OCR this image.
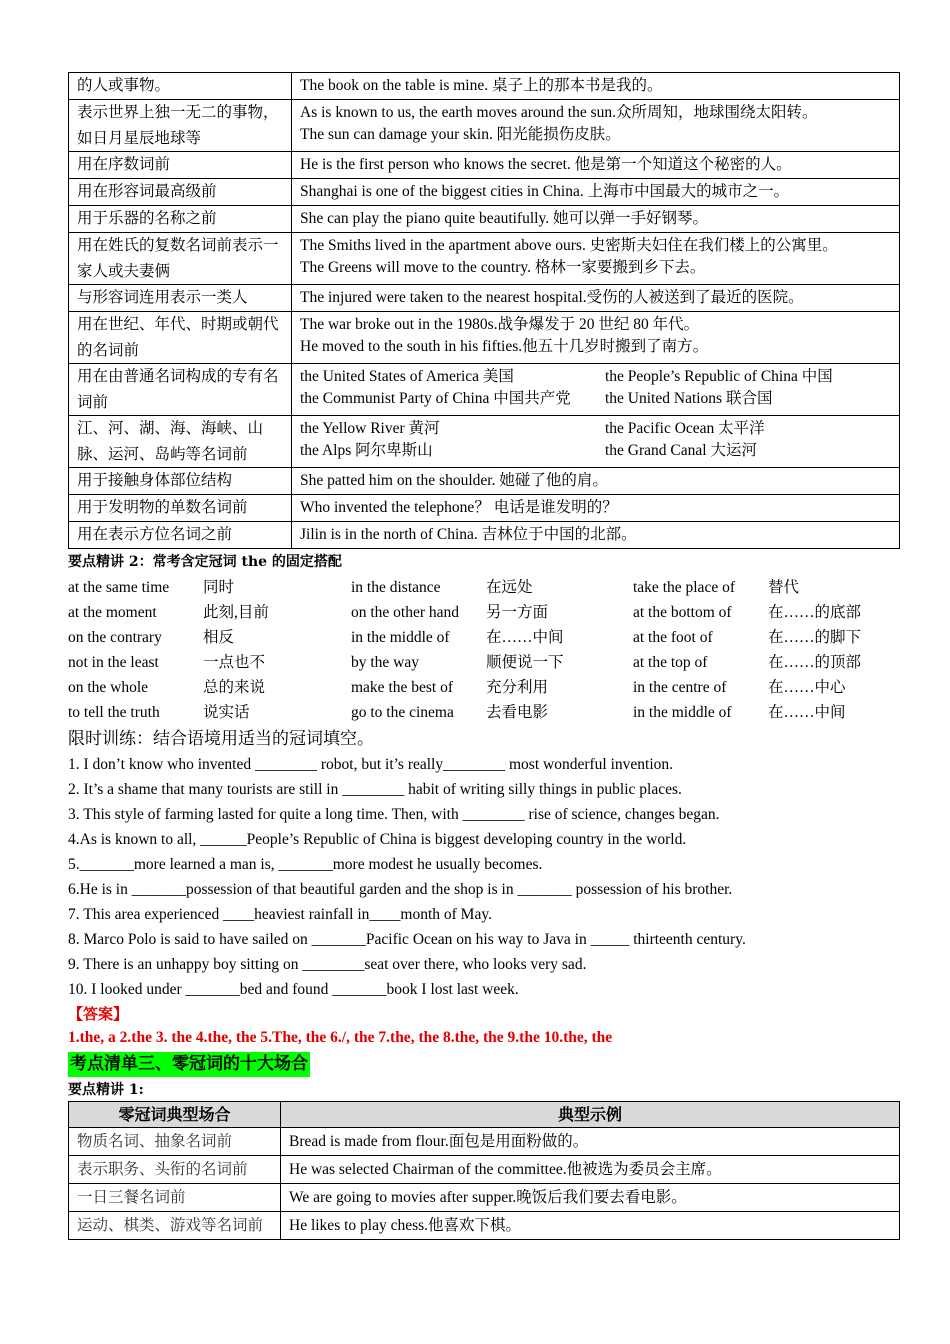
的人或事物。	The book on the table is mine. 桌子上的那本书是我的。

表示世界上独一无二的事物，如日月星辰地球等	As is known to us, the earth moves around the sun.众所周知，地球围绕太阳转。
The sun can damage your skin. 阳光能损伤皮肤。

用在序数词前	He is the first person who knows the secret. 他是第一个知道这个秘密的人。

用在形容词最高级前	Shanghai is one of the biggest cities in China. 上海市中国最大的城市之一。

用于乐器的名称之前	She can play the piano quite beautifully. 她可以弹一手好钢琴。

用在姓氏的复数名词前表示一家人或夫妻俩	The Smiths lived in the apartment above ours. 史密斯夫妇住在我们楼上的公寓里。
The Greens will move to the country. 格林一家要搬到乡下去。

与形容词连用表示一类人	The injured were taken to the nearest hospital.受伤的人被送到了最近的医院。

用在世纪、年代、时期或朝代的名词前	The war broke out in the 1980s.战争爆发于 20 世纪 80 年代。
He moved to the south in his fifties.他五十几岁时搬到了南方。

用在由普通名词构成的专有名词前	the United States of America 美国 the People’s Republic of China 中国
the Communist Party of China 中国共产党 the United Nations 联合国

江、河、湖、海、海峡、山脉、运河、岛屿等名词前	the Yellow River 黄河 the Pacific Ocean 太平洋
the Alps 阿尔卑斯山 the Grand Canal 大运河

用于接触身体部位结构	She patted him on the shoulder. 她碰了他的肩。

用于发明物的单数名词前	Who invented the telephone？ 电话是谁发明的？

用在表示方位名词之前	Jilin is in the north of China. 吉林位于中国的北部。
要点精讲 2：常考含定冠词 the 的固定搭配
at the same time	同时	in the distance	在远处	take the place of	替代
at the moment	此刻,目前	on the other hand	另一方面	at the bottom of	在……的底部
on the contrary	相反	in the middle of	在……中间	at the foot of	在……的脚下
not in the least	一点也不	by the way	顺便说一下	at the top of	在……的顶部
on the whole	总的来说	make the best of	充分利用	in the centre of	在……中心
to tell the truth	说实话	go to the cinema	去看电影	in the middle of	在……中间
限时训练：结合语境用适当的冠词填空。
1. I don’t know who invented ________ robot, but it’s really________ most wonderful invention.
2. It’s a shame that many tourists are still in ________ habit of writing silly things in public places.
3. This style of farming lasted for quite a long time. Then, with ________ rise of science, changes began.
4.As is known to all, ______People’s Republic of China is biggest developing country in the world.
5._______more learned a man is, _______more modest he usually becomes.
6.He is in _______possession of that beautiful garden and the shop is in _______ possession of his brother.
7. This area experienced ____heaviest rainfall in____month of May.
8. Marco Polo is said to have sailed on _______Pacific Ocean on his way to Java in _____ thirteenth century.
9. There is an unhappy boy sitting on ________seat over there, who looks very sad.
10. I looked under _______bed and found _______book I lost last week.
【答案】
1.the, a 2.the 3. the 4.the, the 5.The, the 6./, the 7.the, the 8.the, the 9.the 10.the, the
考点清单三、零冠词的十大场合
要点精讲 1:
零冠词典型场合	典型示例
物质名词、抽象名词前	Bread is made from flour.面包是用面粉做的。
表示职务、头衔的名词前	He was selected Chairman of the committee.他被选为委员会主席。
一日三餐名词前	We are going to movies after supper.晚饭后我们要去看电影。
运动、棋类、游戏等名词前	He likes to play chess.他喜欢下棋。
